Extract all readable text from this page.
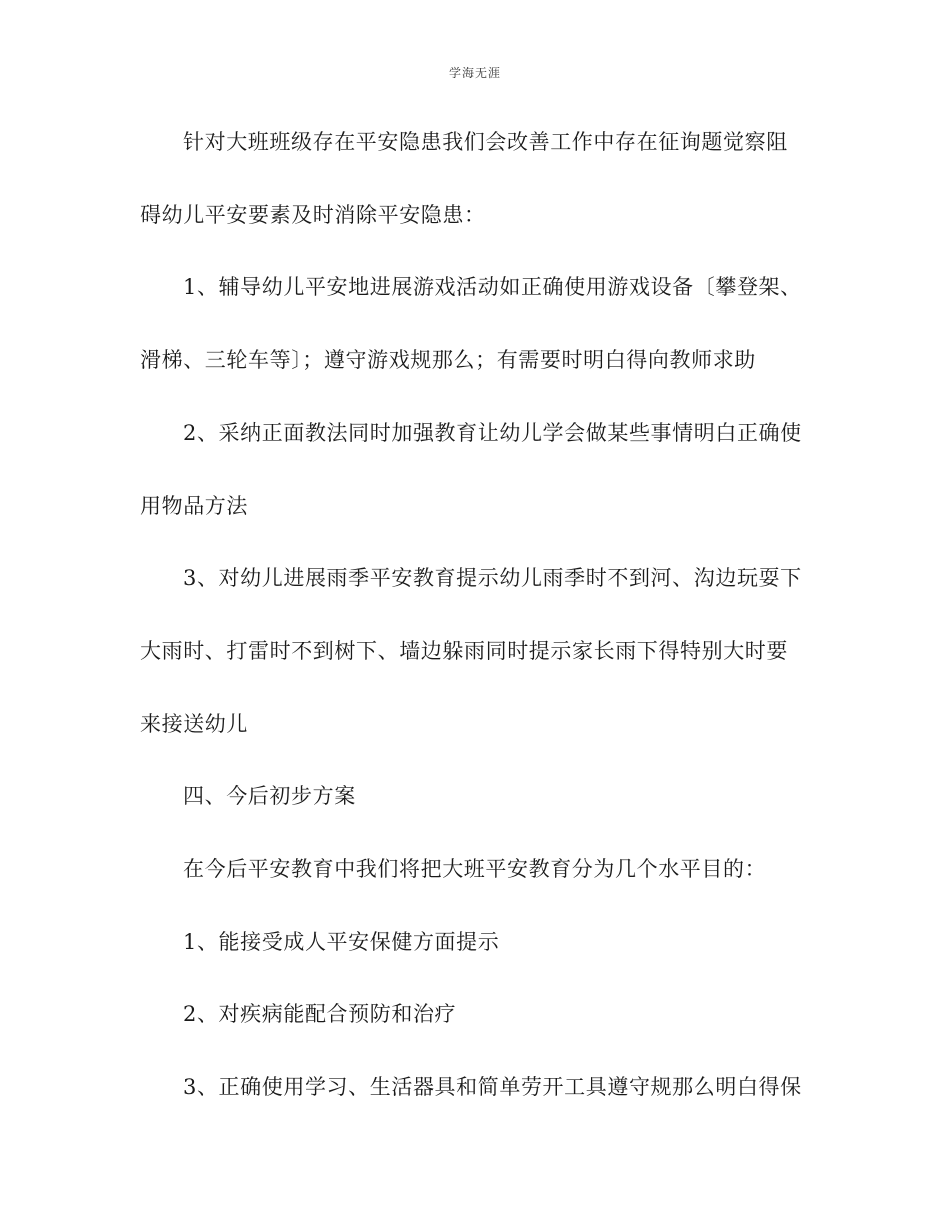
学海无涯
针对大班班级存在平安隐患我们会改善工作中存在征询题觉察阻
碍幼儿平安要素及时消除平安隐患：
1、辅导幼儿平安地进展游戏活动如正确使用游戏设备〔攀登架、
滑梯、三轮车等〕；遵守游戏规那么；有需要时明白得向教师求助
2、采纳正面教法同时加强教育让幼儿学会做某些事情明白正确使
用物品方法
3、对幼儿进展雨季平安教育提示幼儿雨季时不到河、沟边玩耍下
大雨时、打雷时不到树下、墙边躲雨同时提示家长雨下得特别大时要
来接送幼儿
四、今后初步方案
在今后平安教育中我们将把大班平安教育分为几个水平目的：
1、能接受成人平安保健方面提示
2、对疾病能配合预防和治疗
3、正确使用学习、生活器具和简单劳开工具遵守规那么明白得保
